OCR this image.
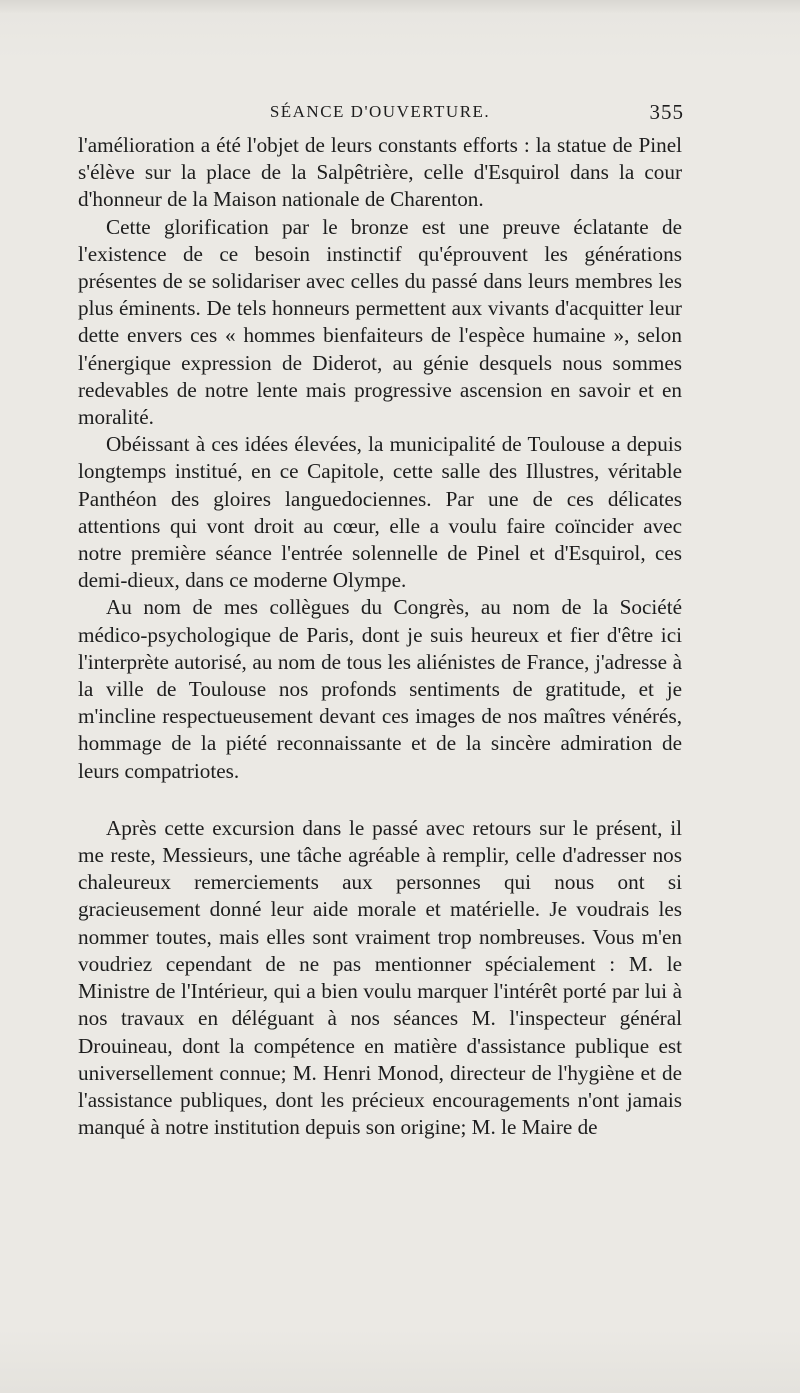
SÉANCE D'OUVERTURE.	355

l'amélioration a été l'objet de leurs constants efforts : la statue de Pinel s'élève sur la place de la Salpêtrière, celle d'Esquirol dans la cour d'honneur de la Maison nationale de Charenton.

Cette glorification par le bronze est une preuve éclatante de l'existence de ce besoin instinctif qu'éprouvent les générations présentes de se solidariser avec celles du passé dans leurs membres les plus éminents. De tels honneurs permettent aux vivants d'acquitter leur dette envers ces « hommes bienfaiteurs de l'espèce humaine », selon l'énergique expression de Diderot, au génie desquels nous sommes redevables de notre lente mais progressive ascension en savoir et en moralité.

Obéissant à ces idées élevées, la municipalité de Toulouse a depuis longtemps institué, en ce Capitole, cette salle des Illustres, véritable Panthéon des gloires languedociennes. Par une de ces délicates attentions qui vont droit au cœur, elle a voulu faire coïncider avec notre première séance l'entrée solennelle de Pinel et d'Esquirol, ces demi-dieux, dans ce moderne Olympe.

Au nom de mes collègues du Congrès, au nom de la Société médico-psychologique de Paris, dont je suis heureux et fier d'être ici l'interprète autorisé, au nom de tous les aliénistes de France, j'adresse à la ville de Toulouse nos profonds sentiments de gratitude, et je m'incline respectueusement devant ces images de nos maîtres vénérés, hommage de la piété reconnaissante et de la sincère admiration de leurs compatriotes.

Après cette excursion dans le passé avec retours sur le présent, il me reste, Messieurs, une tâche agréable à remplir, celle d'adresser nos chaleureux remerciements aux personnes qui nous ont si gracieusement donné leur aide morale et matérielle. Je voudrais les nommer toutes, mais elles sont vraiment trop nombreuses. Vous m'en voudriez cependant de ne pas mentionner spécialement : M. le Ministre de l'Intérieur, qui a bien voulu marquer l'intérêt porté par lui à nos travaux en déléguant à nos séances M. l'inspecteur général Drouineau, dont la compétence en matière d'assistance publique est universellement connue; M. Henri Monod, directeur de l'hygiène et de l'assistance publiques, dont les précieux encouragements n'ont jamais manqué à notre institution depuis son origine; M. le Maire de
